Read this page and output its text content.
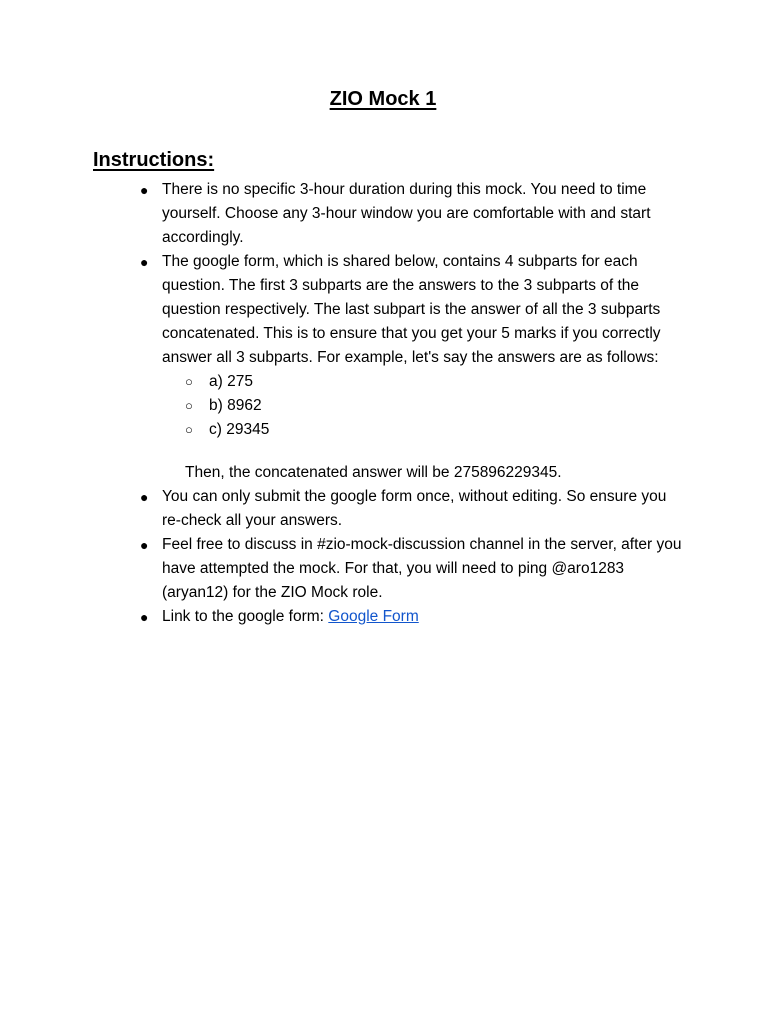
ZIO Mock 1
Instructions:
● There is no specific 3-hour duration during this mock. You need to time yourself. Choose any 3-hour window you are comfortable with and start accordingly.
● The google form, which is shared below, contains 4 subparts for each question. The first 3 subparts are the answers to the 3 subparts of the question respectively. The last subpart is the answer of all the 3 subparts concatenated. This is to ensure that you get your 5 marks if you correctly answer all 3 subparts. For example, let's say the answers are as follows:
○ a) 275
○ b) 8962
○ c) 29345
Then, the concatenated answer will be 275896229345.
● You can only submit the google form once, without editing. So ensure you re-check all your answers.
● Feel free to discuss in #zio-mock-discussion channel in the server, after you have attempted the mock. For that, you will need to ping @aro1283 (aryan12) for the ZIO Mock role.
● Link to the google form: Google Form
